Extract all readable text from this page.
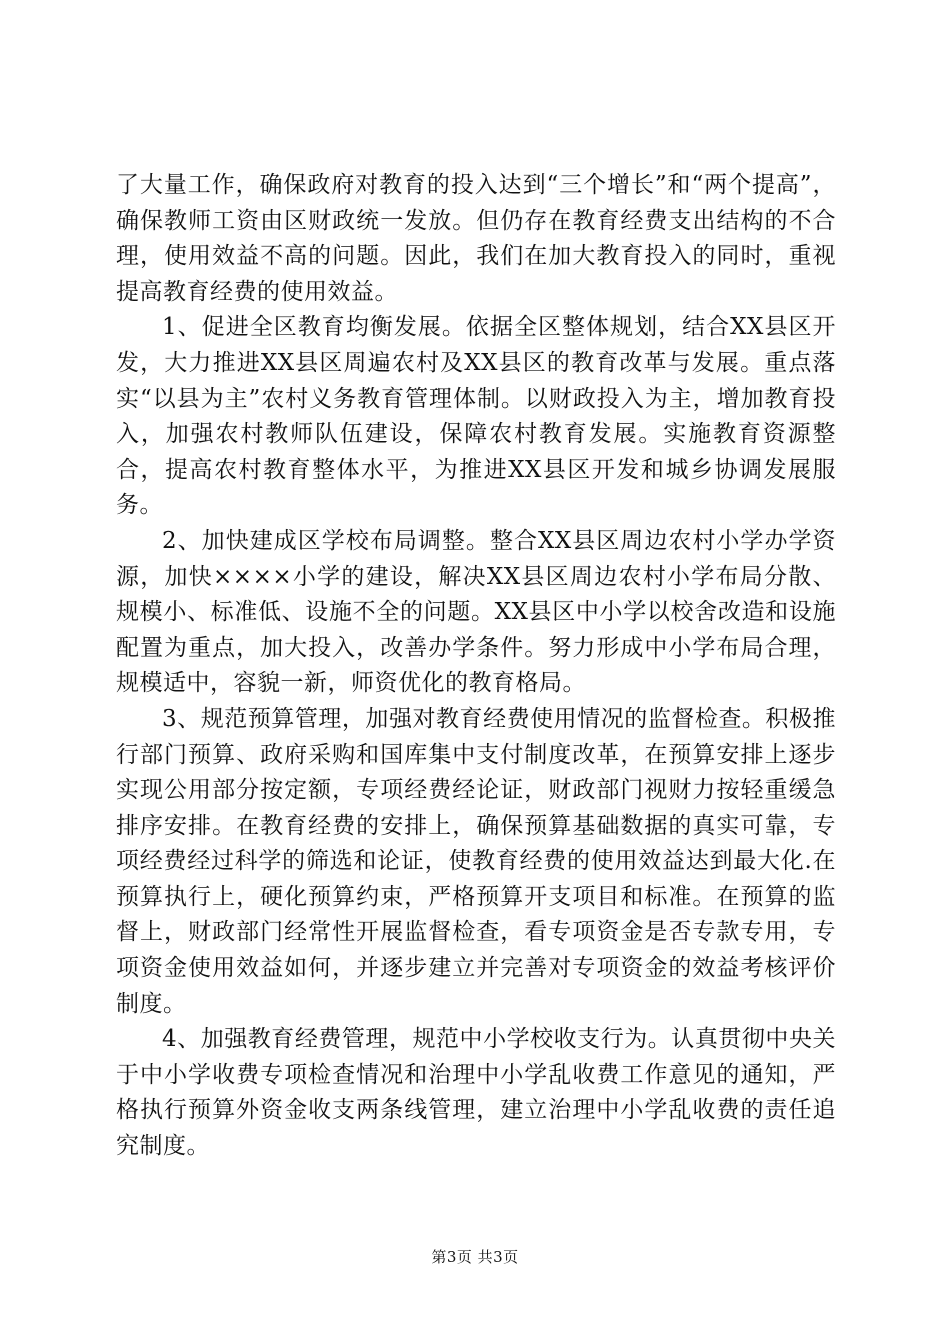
了大量工作，确保政府对教育的投入达到“三个增长”和“两个提高”，确保教师工资由区财政统一发放。但仍存在教育经费支出结构的不合理，使用效益不高的问题。因此，我们在加大教育投入的同时，重视提高教育经费的使用效益。

1、促进全区教育均衡发展。依据全区整体规划，结合XX县区开发，大力推进XX县区周遍农村及XX县区的教育改革与发展。重点落实“以县为主”农村义务教育管理体制。以财政投入为主，增加教育投入，加强农村教师队伍建设，保障农村教育发展。实施教育资源整合，提高农村教育整体水平，为推进XX县区开发和城乡协调发展服务。

2、加快建成区学校布局调整。整合XX县区周边农村小学办学资源，加快××××小学的建设，解决XX县区周边农村小学布局分散、规模小、标准低、设施不全的问题。XX县区中小学以校舍改造和设施配置为重点，加大投入，改善办学条件。努力形成中小学布局合理，规模适中，容貌一新，师资优化的教育格局。

3、规范预算管理，加强对教育经费使用情况的监督检查。积极推行部门预算、政府采购和国库集中支付制度改革，在预算安排上逐步实现公用部分按定额，专项经费经论证，财政部门视财力按轻重缓急排序安排。在教育经费的安排上，确保预算基础数据的真实可靠，专项经费经过科学的筛选和论证，使教育经费的使用效益达到最大化.在预算执行上，硬化预算约束，严格预算开支项目和标准。在预算的监督上，财政部门经常性开展监督检查，看专项资金是否专款专用，专项资金使用效益如何，并逐步建立并完善对专项资金的效益考核评价制度。

4、加强教育经费管理，规范中小学校收支行为。认真贯彻中央关于中小学收费专项检查情况和治理中小学乱收费工作意见的通知，严格执行预算外资金收支两条线管理，建立治理中小学乱收费的责任追究制度。

第3页 共3页
